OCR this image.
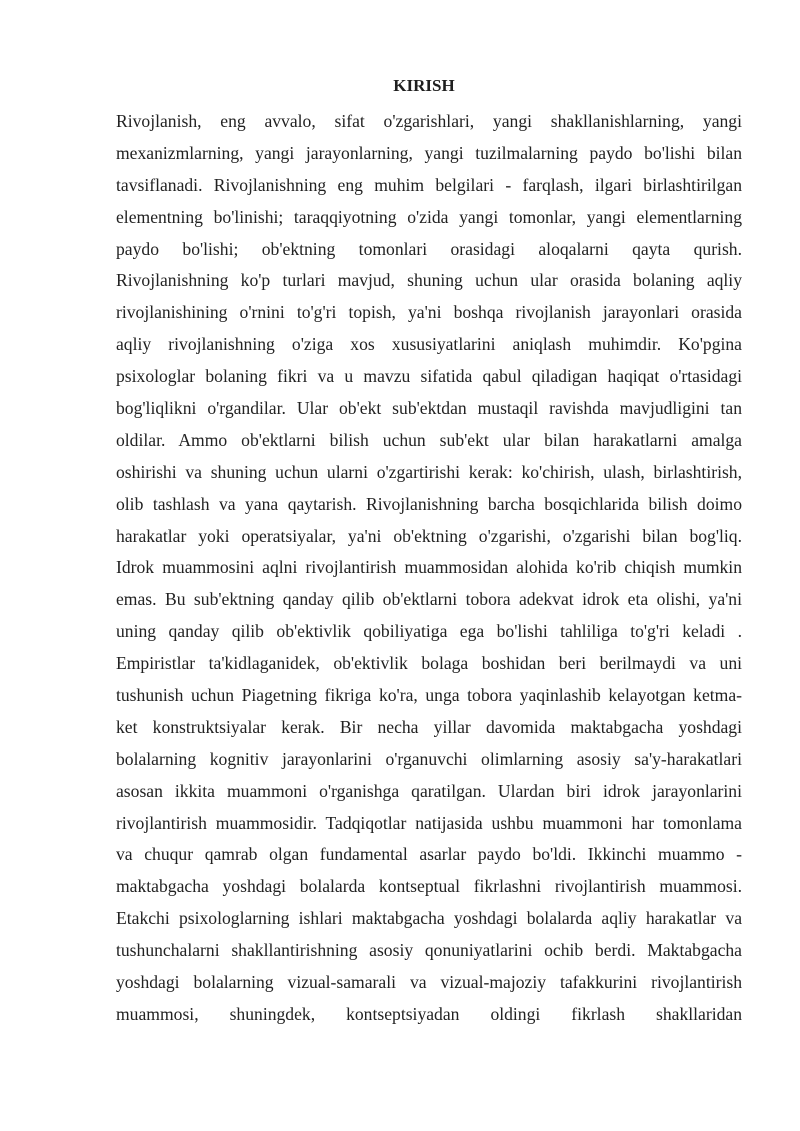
KIRISH
Rivojlanish, eng avvalo, sifat o'zgarishlari, yangi shakllanishlarning, yangi
mexanizmlarning, yangi jarayonlarning, yangi tuzilmalarning paydo bo'lishi bilan
tavsiflanadi. Rivojlanishning eng muhim belgilari - farqlash, ilgari birlashtirilgan
elementning bo'linishi; taraqqiyotning o'zida yangi tomonlar, yangi elementlarning
paydo bo'lishi; ob'ektning tomonlari orasidagi aloqalarni qayta qurish.
Rivojlanishning ko'p turlari mavjud, shuning uchun ular orasida bolaning aqliy
rivojlanishining o'rnini to'g'ri topish, ya'ni boshqa rivojlanish jarayonlari orasida
aqliy rivojlanishning o'ziga xos xususiyatlarini aniqlash muhimdir. Ko'pgina
psixologlar bolaning fikri va u mavzu sifatida qabul qiladigan haqiqat o'rtasidagi
bog'liqlikni o'rgandilar. Ular ob'ekt sub'ektdan mustaqil ravishda mavjudligini tan
oldilar. Ammo ob'ektlarni bilish uchun sub'ekt ular bilan harakatlarni amalga
oshirishi va shuning uchun ularni o'zgartirishi kerak: ko'chirish, ulash, birlashtirish,
olib tashlash va yana qaytarish. Rivojlanishning barcha bosqichlarida bilish doimo
harakatlar yoki operatsiyalar, ya'ni ob'ektning o'zgarishi, o'zgarishi bilan bog'liq.
Idrok muammosini aqlni rivojlantirish muammosidan alohida ko'rib chiqish mumkin
emas. Bu sub'ektning qanday qilib ob'ektlarni tobora adekvat idrok eta olishi, ya'ni
uning qanday qilib ob'ektivlik qobiliyatiga ega bo'lishi tahliliga to'g'ri keladi .
Empiristlar ta'kidlaganidek, ob'ektivlik bolaga boshidan beri berilmaydi va uni
tushunish uchun Piagetning fikriga ko'ra, unga tobora yaqinlashib kelayotgan ketma-
ket konstruktsiyalar kerak. Bir necha yillar davomida maktabgacha yoshdagi
bolalarning kognitiv jarayonlarini o'rganuvchi olimlarning asosiy sa'y-harakatlari
asosan ikkita muammoni o'rganishga qaratilgan. Ulardan biri idrok jarayonlarini
rivojlantirish muammosidir. Tadqiqotlar natijasida ushbu muammoni har tomonlama
va chuqur qamrab olgan fundamental asarlar paydo bo'ldi. Ikkinchi muammo -
maktabgacha yoshdagi bolalarda kontseptual fikrlashni rivojlantirish muammosi.
Etakchi psixologlarning ishlari maktabgacha yoshdagi bolalarda aqliy harakatlar va
tushunchalarni shakllantirishning asosiy qonuniyatlarini ochib berdi. Maktabgacha
yoshdagi bolalarning vizual-samarali va vizual-majoziy tafakkurini rivojlantirish
muammosi, shuningdek, kontseptsiyadan oldingi fikrlash shakllaridan
